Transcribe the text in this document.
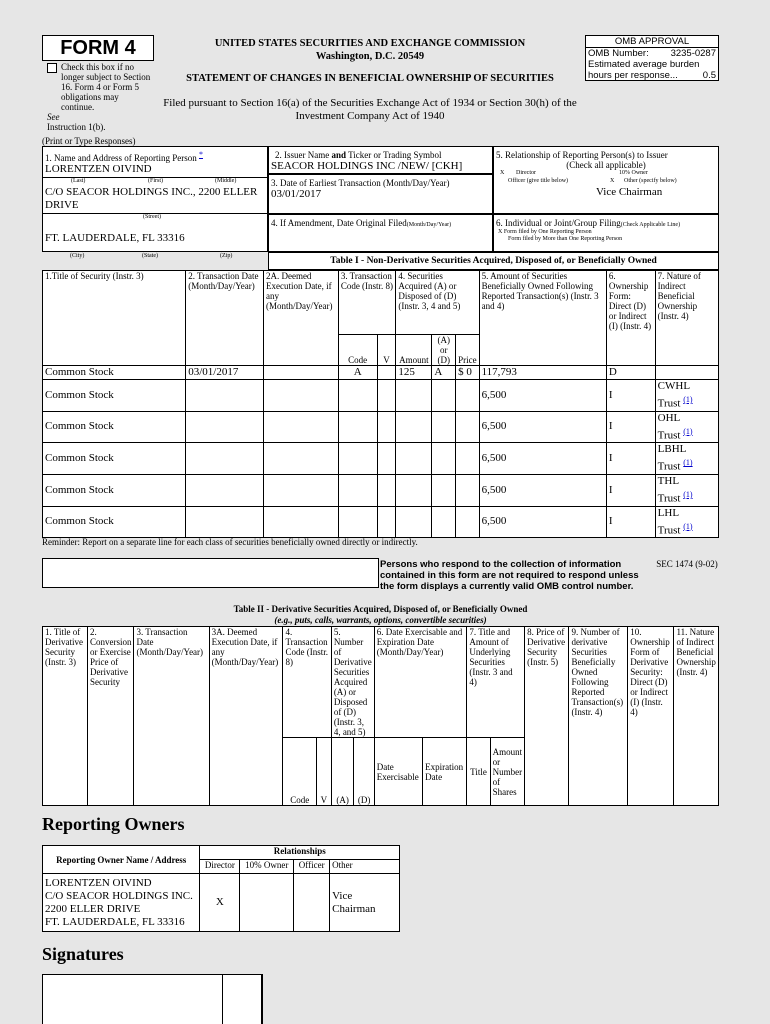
FORM 4
Check this box if no longer subject to Section 16. Form 4 or Form 5 obligations may continue.
See
Instruction 1(b).
UNITED STATES SECURITIES AND EXCHANGE COMMISSION
Washington, D.C. 20549
STATEMENT OF CHANGES IN BENEFICIAL OWNERSHIP OF SECURITIES
Filed pursuant to Section 16(a) of the Securities Exchange Act of 1934 or Section 30(h) of the Investment Company Act of 1940
OMB APPROVAL
OMB Number: 3235-0287
Estimated average burden
hours per response...	0.5
(Print or Type Responses)
1. Name and Address of Reporting Person *
LORENTZEN OIVIND
(Last)	(First)	(Middle)
C/O SEACOR HOLDINGS INC., 2200 ELLER DRIVE
(Street)
FT. LAUDERDALE, FL 33316
(City)	(State)	(Zip)
2. Issuer Name and Ticker or Trading Symbol
SEACOR HOLDINGS INC /NEW/ [CKH]
3. Date of Earliest Transaction (Month/Day/Year)
03/01/2017
4. If Amendment, Date Original Filed(Month/Day/Year)
5. Relationship of Reporting Person(s) to Issuer
(Check all applicable)
X Director	10% Owner
Officer (give title below)	X Other (specify below)
Vice Chairman
6. Individual or Joint/Group Filing(Check Applicable Line)
X Form filed by One Reporting Person
Form filed by More than One Reporting Person
Table I - Non-Derivative Securities Acquired, Disposed of, or Beneficially Owned
1.Title of Security (Instr. 3)	2. Transaction Date (Month/Day/Year)	2A. Deemed Execution Date, if any (Month/Day/Year)	3. Transaction Code (Instr. 8)		4. Securities Acquired (A) or Disposed of (D) (Instr. 3, 4 and 5)			5. Amount of Securities Beneficially Owned Following Reported Transaction(s) (Instr. 3 and 4)	6. Ownership Form: Direct (D) or Indirect (I) (Instr. 4)	7. Nature of Indirect Beneficial Ownership (Instr. 4)
			Code	V	Amount	(A) or (D)	Price			
Common Stock	03/01/2017		A		125	A	$ 0	117,793	D	
Common Stock								6,500	I	CWHL
Trust $^{(1)}$

Common Stock								6,500	I	OHL
Trust $^{(1)}$

Common Stock								6,500	I	LBHL
Trust $^{(1)}$

Common Stock								6,500	I	THL
Trust $^{(1)}$

Common Stock								6,500	I	LHL
Trust $^{(1)}$
Reminder: Report on a separate line for each class of securities beneficially owned directly or indirectly.
Persons who respond to the collection of information contained in this form are not required to respond unless the form displays a currently valid OMB control number.
SEC 1474 (9-02)
Table II - Derivative Securities Acquired, Disposed of, or Beneficially Owned
(e.g., puts, calls, warrants, options, convertible securities)
1. Title of Derivative Security (Instr. 3)	2. Conversion or Exercise Price of Derivative Security	3. Transaction Date (Month/Day/Year)	3A. Deemed Execution Date, if any (Month/Day/Year)	4. Transaction Code (Instr. 8)		5. Number of Derivative Securities Acquired (A) or Disposed of (D) (Instr. 3, 4, and 5)		6. Date Exercisable and Expiration Date (Month/Day/Year)		7. Title and Amount of Underlying Securities (Instr. 3 and 4)		8. Price of Derivative Security (Instr. 5)	9. Number of derivative Securities Beneficially Owned Following Reported Transaction(s) (Instr. 4)	10. Ownership Form of Derivative Security: Direct (D) or Indirect (I) (Instr. 4)	11. Nature of Indirect Beneficial Ownership (Instr. 4)
				Code	V	(A)	(D)	Date Exercisable	Expiration Date	Title	Amount or Number of Shares				
Reporting Owners
Reporting Owner Name / Address	Relationships			
	Director	10% Owner	Officer	Other

LORENTZEN OIVIND
C/O SEACOR HOLDINGS INC.
2200 ELLER DRIVE
FT. LAUDERDALE, FL 33316	X			Vice Chairman
Signatures
